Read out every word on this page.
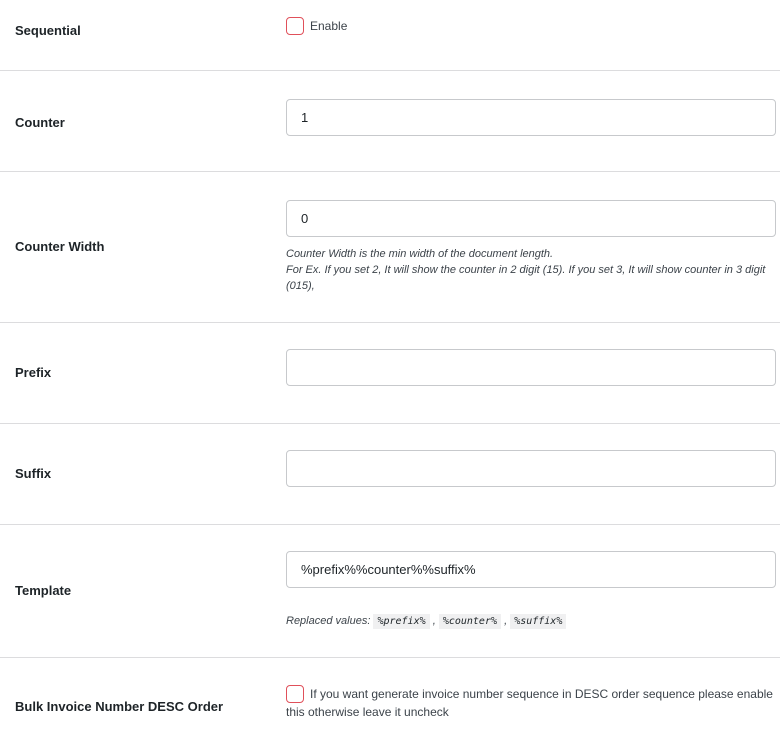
Sequential	Enable
Counter
1
Counter Width
0	Counter Width is the min width of the document length.
For Ex. If you set 2, It will show the counter in 2 digit (15). If you set 3, It will show counter in 3 digit (015),
Prefix
Suffix
Template
%prefix%%counter%%suffix%
Replaced values: %prefix% , %counter% , %suffix%
Bulk Invoice Number DESC Order
If you want generate invoice number sequence in DESC order sequence please enable this otherwise leave it uncheck
